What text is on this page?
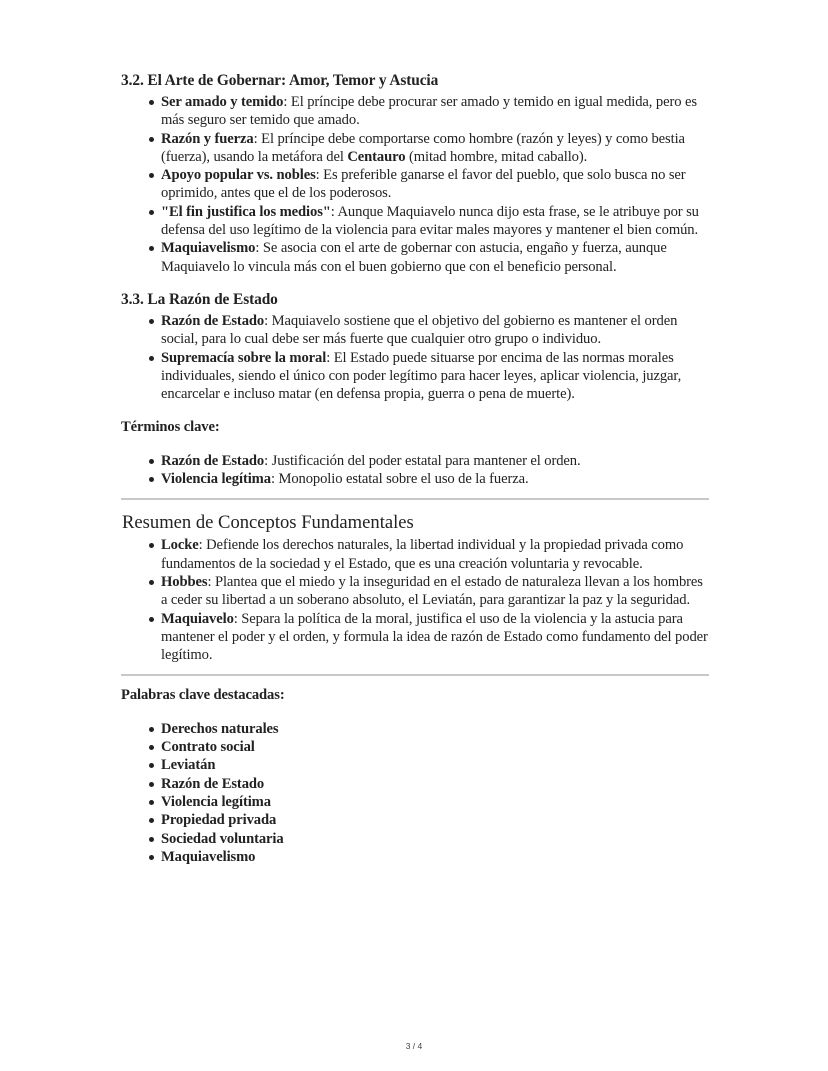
3.2. El Arte de Gobernar: Amor, Temor y Astucia
Ser amado y temido: El príncipe debe procurar ser amado y temido en igual medida, pero es más seguro ser temido que amado.
Razón y fuerza: El príncipe debe comportarse como hombre (razón y leyes) y como bestia (fuerza), usando la metáfora del Centauro (mitad hombre, mitad caballo).
Apoyo popular vs. nobles: Es preferible ganarse el favor del pueblo, que solo busca no ser oprimido, antes que el de los poderosos.
"El fin justifica los medios": Aunque Maquiavelo nunca dijo esta frase, se le atribuye por su defensa del uso legítimo de la violencia para evitar males mayores y mantener el bien común.
Maquiavelismo: Se asocia con el arte de gobernar con astucia, engaño y fuerza, aunque Maquiavelo lo vincula más con el buen gobierno que con el beneficio personal.
3.3. La Razón de Estado
Razón de Estado: Maquiavelo sostiene que el objetivo del gobierno es mantener el orden social, para lo cual debe ser más fuerte que cualquier otro grupo o individuo.
Supremacía sobre la moral: El Estado puede situarse por encima de las normas morales individuales, siendo el único con poder legítimo para hacer leyes, aplicar violencia, juzgar, encarcelar e incluso matar (en defensa propia, guerra o pena de muerte).

Términos clave:

Razón de Estado: Justificación del poder estatal para mantener el orden.
Violencia legítima: Monopolio estatal sobre el uso de la fuerza.
Resumen de Conceptos Fundamentales
Locke: Defiende los derechos naturales, la libertad individual y la propiedad privada como fundamentos de la sociedad y el Estado, que es una creación voluntaria y revocable.
Hobbes: Plantea que el miedo y la inseguridad en el estado de naturaleza llevan a los hombres a ceder su libertad a un soberano absoluto, el Leviatán, para garantizar la paz y la seguridad.
Maquiavelo: Separa la política de la moral, justifica el uso de la violencia y la astucia para mantener el poder y el orden, y formula la idea de razón de Estado como fundamento del poder legítimo.

Palabras clave destacadas:

Derechos naturales
Contrato social
Leviatán
Razón de Estado
Violencia legítima
Propiedad privada
Sociedad voluntaria
Maquiavelismo
3 / 4
